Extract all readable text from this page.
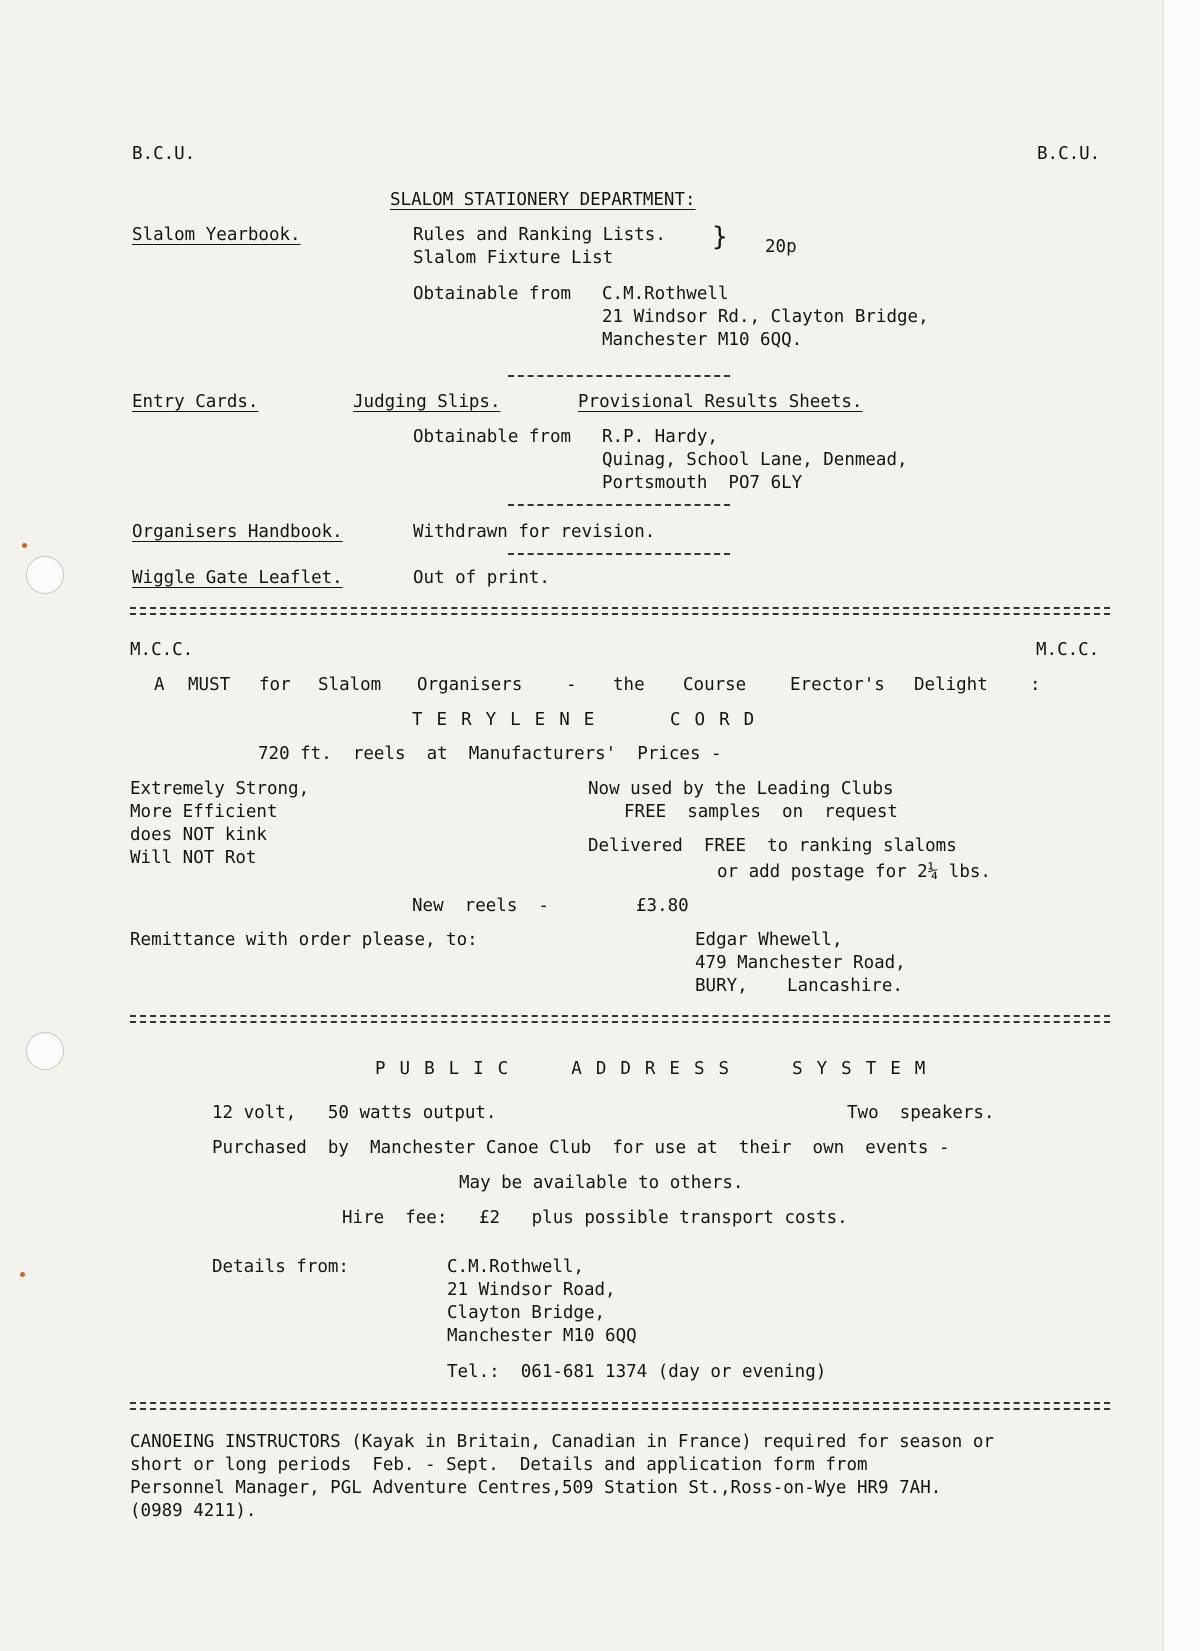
B.C.U.	B.C.U.
SLALOM STATIONERY DEPARTMENT:
Slalom Yearbook.	Rules and Ranking Lists.
Slalom Fixture List
} 20p
Obtainable from C.M.Rothwell
21 Windsor Rd., Clayton Bridge,
Manchester M10 6QQ.
Entry Cards.	Judging Slips.	Provisional Results Sheets.
Obtainable from R.P. Hardy,
Quinag, School Lane, Denmead,
Portsmouth  PO7 6LY
Organisers Handbook.	Withdrawn for revision.
Wiggle Gate Leaflet.	Out of print.
M.C.C.	M.C.C.
A MUST for Slalom Organisers - the Course	Erector's Delight :
TERYLENE	CORD
720 ft.  reels  at  Manufacturers'  Prices -
Extremely Strong,
More Efficient
does NOT kink
Will NOT Rot
Now used by the Leading Clubs
FREE  samples  on  request
Delivered  FREE  to ranking slaloms
or add postage for 2¼ lbs.
New  reels  -	£3.80
Remittance with order please, to:	Edgar Whewell,
479 Manchester Road,
BURY, Lancashire.
PUBLIC  ADDRESS  SYSTEM
12 volt,   50 watts output.	Two  speakers.
Purchased  by  Manchester Canoe Club  for use at  their  own  events -
May be available to others.
Hire  fee:   £2   plus possible transport costs.
Details from:	C.M.Rothwell,
21 Windsor Road,
Clayton Bridge,
Manchester M10 6QQ
Tel.:  061-681 1374 (day or evening)
CANOEING INSTRUCTORS (Kayak in Britain, Canadian in France) required for season or
short or long periods  Feb. - Sept.  Details and application form from
Personnel Manager, PGL Adventure Centres,509 Station St.,Ross-on-Wye HR9 7AH.
(0989 4211).
